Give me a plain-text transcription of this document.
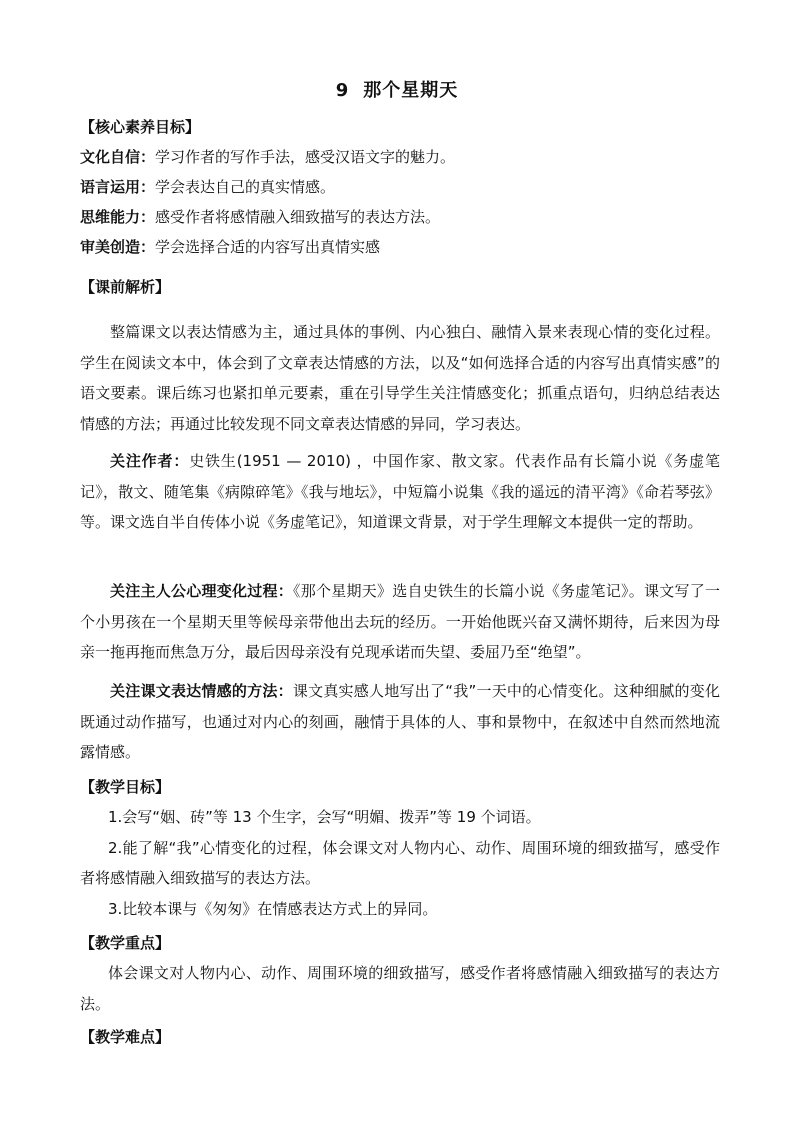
9 那个星期天
【核心素养目标】
文化自信：学习作者的写作手法，感受汉语文字的魅力。
语言运用：学会表达自己的真实情感。
思维能力：感受作者将感情融入细致描写的表达方法。
审美创造：学会选择合适的内容写出真情实感
【课前解析】
整篇课文以表达情感为主，通过具体的事例、内心独白、融情入景来表现心情的变化过程。学生在阅读文本中，体会到了文章表达情感的方法，以及“如何选择合适的内容写出真情实感”的语文要素。课后练习也紧扣单元要素，重在引导学生关注情感变化；抓重点语句，归纳总结表达情感的方法；再通过比较发现不同文章表达情感的异同，学习表达。
关注作者：史铁生(1951 — 2010) ，中国作家、散文家。代表作品有长篇小说《务虚笔记》，散文、随笔集《病隙碎笔》《我与地坛》，中短篇小说集《我的遥远的清平湾》《命若琴弦》等。课文选自半自传体小说《务虚笔记》，知道课文背景，对于学生理解文本提供一定的帮助。
关注主人公心理变化过程：《那个星期天》选自史铁生的长篇小说《务虚笔记》。课文写了一个小男孩在一个星期天里等候母亲带他出去玩的经历。一开始他既兴奋又满怀期待，后来因为母亲一拖再拖而焦急万分，最后因母亲没有兑现承诺而失望、委屈乃至“绝望”。
关注课文表达情感的方法：课文真实感人地写出了“我”一天中的心情变化。这种细腻的变化既通过动作描写，也通过对内心的刻画，融情于具体的人、事和景物中，在叙述中自然而然地流露情感。
【教学目标】
1.会写“姻、砖”等 13 个生字，会写“明媚、拨弄”等 19 个词语。
2.能了解“我”心情变化的过程，体会课文对人物内心、动作、周围环境的细致描写，感受作者将感情融入细致描写的表达方法。
3.比较本课与《匆匆》在情感表达方式上的异同。
【教学重点】
体会课文对人物内心、动作、周围环境的细致描写，感受作者将感情融入细致描写的表达方法。
【教学难点】
